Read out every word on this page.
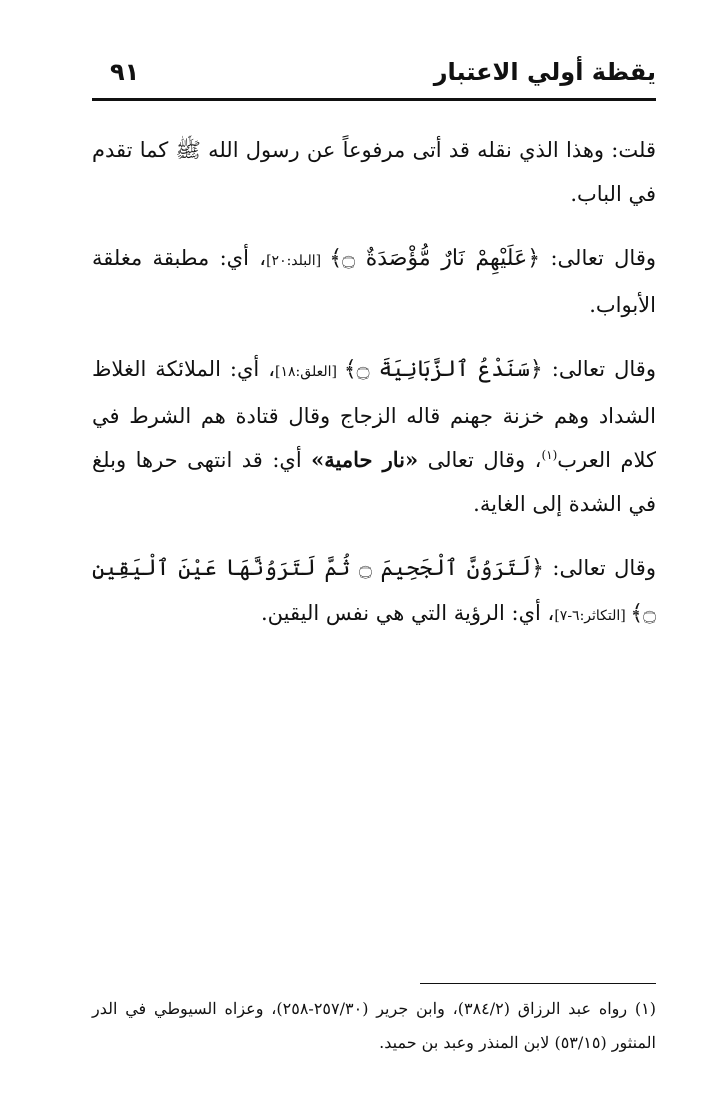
يقظة أولي الاعتبار
٩١

قلت: وهذا الذي نقله قد أتى مرفوعاً عن رسول الله ﷺ كما تقدم في الباب.

وقال تعالى: ﴿عَلَيْهِمْ نَارٌ مُّؤْصَدَةٌ ۝﴾ [البلد:٢٠]، أي: مطبقة مغلقة الأبواب.

وقال تعالى: ﴿سَنَدْعُ ٱلزَّبَانِيَةَ ۝﴾ [العلق:١٨]، أي: الملائكة الغلاظ الشداد وهم خزنة جهنم قاله الزجاج وقال قتادة هم الشرط في كلام العرب$^{(١)}$، وقال تعالى «نار حامية» أي: قد انتهى حرها وبلغ في الشدة إلى الغاية.

وقال تعالى: ﴿لَتَرَوُنَّ ٱلْجَحِيمَ ۝ ثُمَّ لَتَرَوُنَّهَا عَيْنَ ٱلْيَقِينِ ۝﴾ [التكاثر:٦-٧]، أي: الرؤية التي هي نفس اليقين.

(١) رواه عبد الرزاق (٣٨٤/٢)، وابن جرير (٢٥٧/٣٠-٢٥٨)، وعزاه السيوطي في الدر المنثور (٥٣/١٥) لابن المنذر وعبد بن حميد.
